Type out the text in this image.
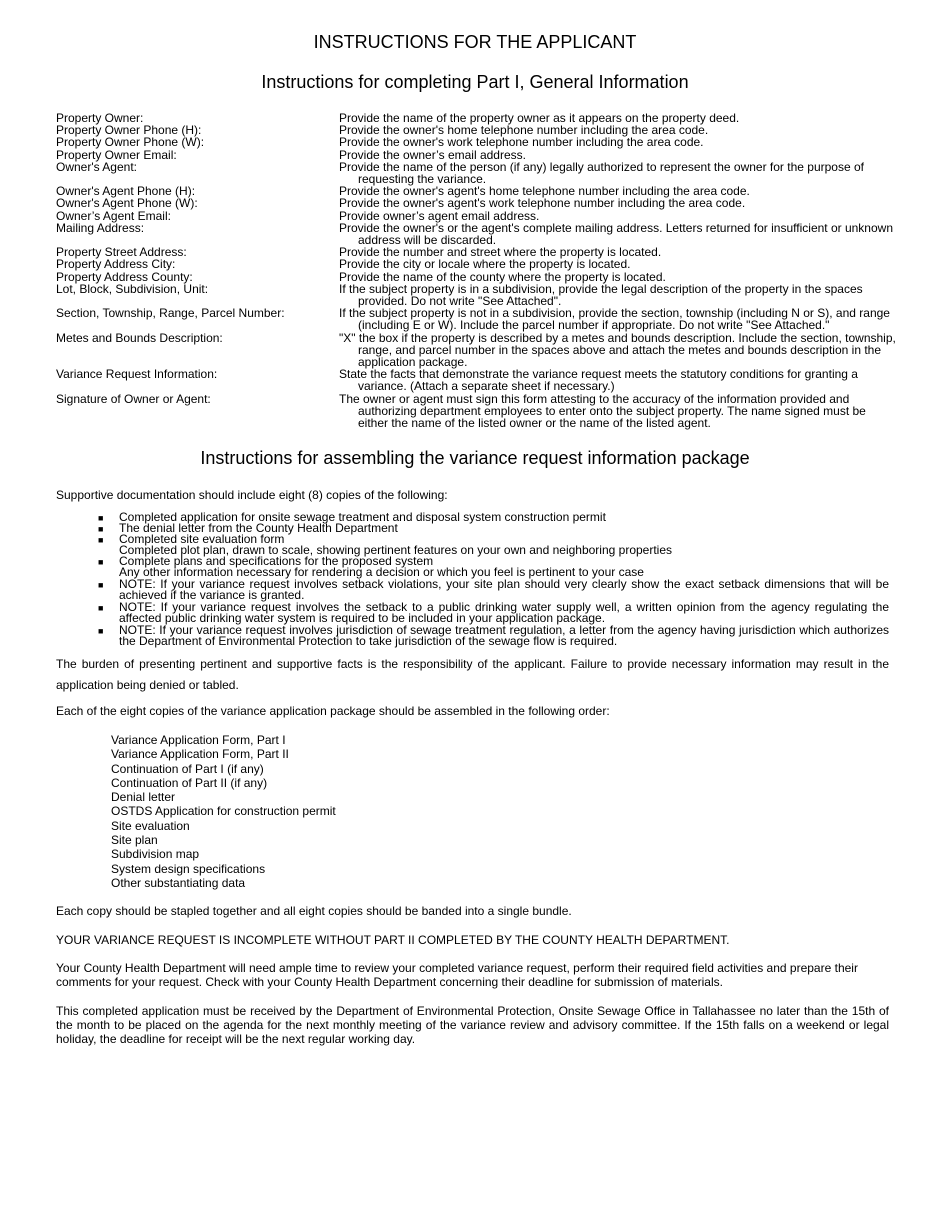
INSTRUCTIONS FOR THE APPLICANT
Instructions for completing Part I, General Information
Property Owner:	Provide the name of the property owner as it appears on the property deed.
Property Owner Phone (H):	Provide the owner's home telephone number including the area code.
Property Owner Phone (W):	Provide the owner's work telephone number including the area code.
Property Owner Email:	Provide the owner’s email address.
Owner's Agent:	Provide the name of the person (if any) legally authorized to represent the owner for the purpose of requesting the variance.
Owner's Agent Phone (H):	Provide the owner's agent's home telephone number including the area code.
Owner's Agent Phone (W):	Provide the owner's agent's work telephone number including the area code.
Owner’s Agent Email:	Provide owner’s agent email address.
Mailing Address:	Provide the owner's or the agent's complete mailing address. Letters returned for insufficient or unknown address will be discarded.
Property Street Address:	Provide the number and street where the property is located.
Property Address City:	Provide the city or locale where the property is located.
Property Address County:	Provide the name of the county where the property is located.
Lot, Block, Subdivision, Unit:	If the subject property is in a subdivision, provide the legal description of the property in the spaces provided. Do not write "See Attached".
Section, Township, Range, Parcel Number:	If the subject property is not in a subdivision, provide the section, township (including N or S), and range (including E or W). Include the parcel number if appropriate. Do not write "See Attached."
Metes and Bounds Description:	"X" the box if the property is described by a metes and bounds description. Include the section, township, range, and parcel number in the spaces above and attach the metes and bounds description in the application package.
Variance Request Information:	State the facts that demonstrate the variance request meets the statutory conditions for granting a variance. (Attach a separate sheet if necessary.)
Signature of Owner or Agent:	The owner or agent must sign this form attesting to the accuracy of the information provided and authorizing department employees to enter onto the subject property. The name signed must be either the name of the listed owner or the name of the listed agent.
Instructions for assembling the variance request information package

Supportive documentation should include eight (8) copies of the following:

■ Completed application for onsite sewage treatment and disposal system construction permit
■ The denial letter from the County Health Department
■ Completed site evaluation form
Completed plot plan, drawn to scale, showing pertinent features on your own and neighboring properties
■ Complete plans and specifications for the proposed system
Any other information necessary for rendering a decision or which you feel is pertinent to your case
■ NOTE: If your variance request involves setback violations, your site plan should very clearly show the exact setback dimensions that will be achieved if the variance is granted.
■ NOTE: If your variance request involves the setback to a public drinking water supply well, a written opinion from the agency regulating the affected public drinking water system is required to be included in your application package.
■ NOTE: If your variance request involves jurisdiction of sewage treatment regulation, a letter from the agency having jurisdiction which authorizes the Department of Environmental Protection to take jurisdiction of the sewage flow is required.

The burden of presenting pertinent and supportive facts is the responsibility of the applicant. Failure to provide necessary information may result in the application being denied or tabled.

Each of the eight copies of the variance application package should be assembled in the following order:

Variance Application Form, Part I
Variance Application Form, Part II
Continuation of Part I (if any)
Continuation of Part II (if any)
Denial letter
OSTDS Application for construction permit
Site evaluation
Site plan
Subdivision map
System design specifications
Other substantiating data

Each copy should be stapled together and all eight copies should be banded into a single bundle.

YOUR VARIANCE REQUEST IS INCOMPLETE WITHOUT PART II COMPLETED BY THE COUNTY HEALTH DEPARTMENT.

Your County Health Department will need ample time to review your completed variance request, perform their required field activities and prepare their comments for your request. Check with your County Health Department concerning their deadline for submission of materials.

This completed application must be received by the Department of Environmental Protection, Onsite Sewage Office in Tallahassee no later than the 15th of the month to be placed on the agenda for the next monthly meeting of the variance review and advisory committee. If the 15th falls on a weekend or legal holiday, the deadline for receipt will be the next regular working day.
